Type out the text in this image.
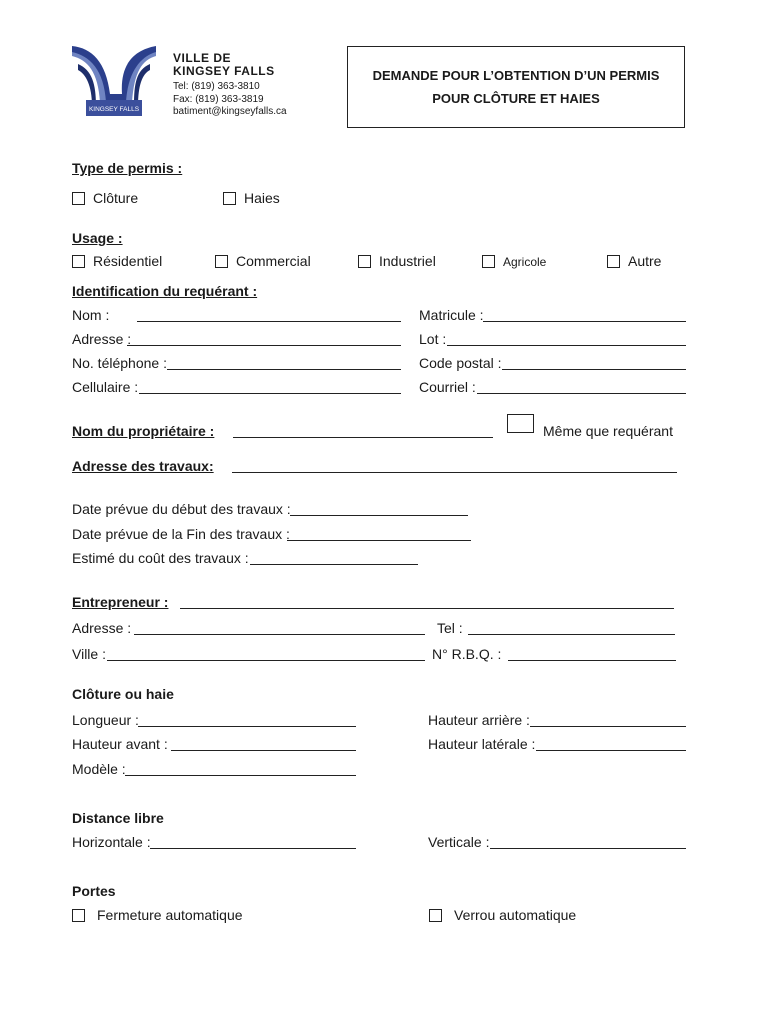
KINGSEY FALLS
VILLE DE
KINGSEY FALLS
Tel: (819) 363-3810
Fax: (819) 363-3819
batiment@kingseyfalls.ca
DEMANDE POUR L’OBTENTION D’UN PERMIS
POUR CLÔTURE ET HAIES
Type de permis :
Clôture	Haies
Usage :
Résidentiel	Commercial	Industriel	Agricole	Autre
Identification du requérant :
Nom :	Matricule :
Adresse :	Lot :
No. téléphone :	Code postal :
Cellulaire :	Courriel :
Nom du propriétaire :	Même que requérant
Adresse des travaux:
Date prévue du début des travaux :
Date prévue de la Fin des travaux :
Estimé du coût des travaux :
Entrepreneur :
Adresse :	Tel :
Ville :	N° R.B.Q. :
Clôture ou haie
Longueur :	Hauteur arrière :
Hauteur avant :	Hauteur latérale :
Modèle :
Distance libre
Horizontale :	Verticale :
Portes
Fermeture automatique	Verrou automatique
